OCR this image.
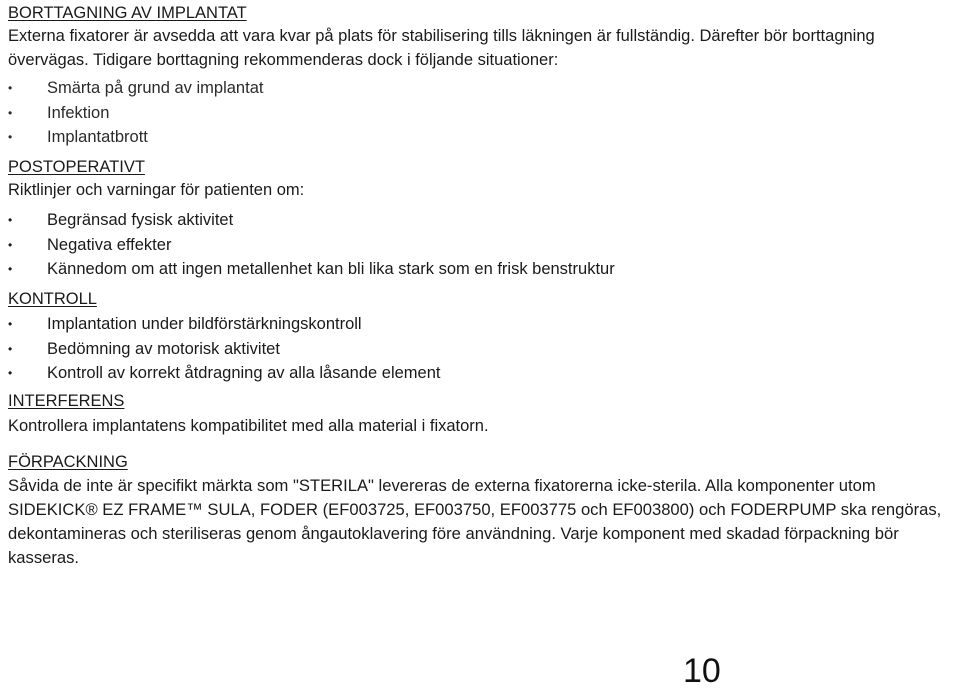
BORTTAGNING AV IMPLANTAT

Externa fixatorer är avsedda att vara kvar på plats för stabilisering tills läkningen är fullständig. Därefter bör borttagning övervägas. Tidigare borttagning rekommenderas dock i följande situationer:

• Smärta på grund av implantat
• Infektion
• Implantatbrott
POSTOPERATIVT

Riktlinjer och varningar för patienten om:

• Begränsad fysisk aktivitet
• Negativa effekter
• Kännedom om att ingen metallenhet kan bli lika stark som en frisk benstruktur
KONTROLL
• Implantation under bildförstärkningskontroll
• Bedömning av motorisk aktivitet
• Kontroll av korrekt åtdragning av alla låsande element
INTERFERENS

Kontrollera implantatens kompatibilitet med alla material i fixatorn.

FÖRPACKNING

Såvida de inte är specifikt märkta som "STERILA" levereras de externa fixatorerna icke-sterila. Alla komponenter utom SIDEKICK® EZ FRAME™ SULA, FODER (EF003725, EF003750, EF003775 och EF003800) och FODERPUMP ska rengöras, dekontamineras och steriliseras genom ångautoklavering före användning. Varje komponent med skadad förpackning bör kasseras.

10
